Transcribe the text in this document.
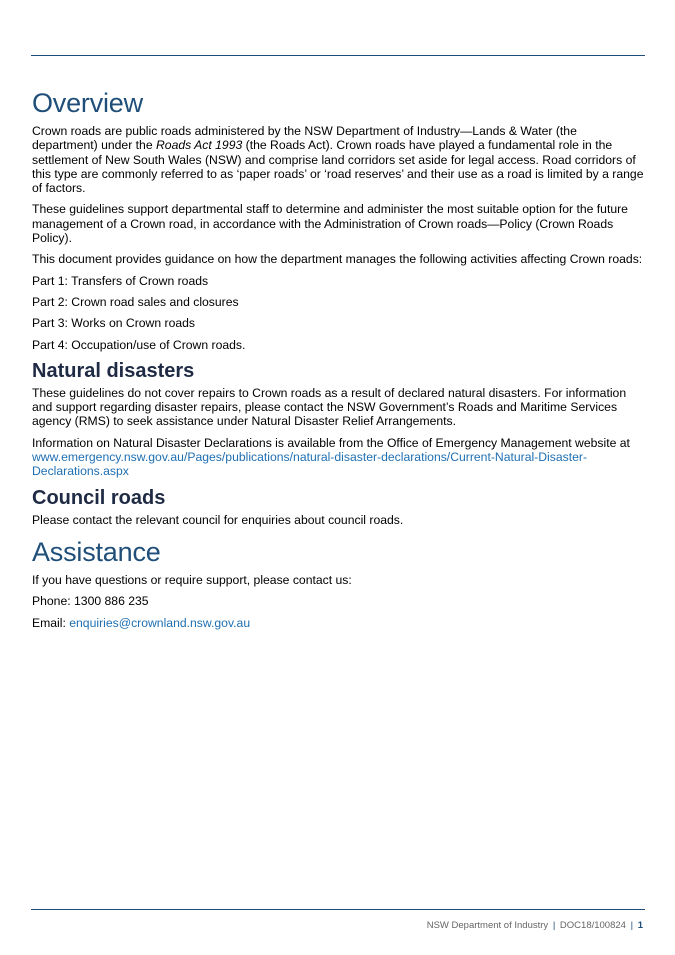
Overview

Crown roads are public roads administered by the NSW Department of Industry—Lands & Water (the department) under the Roads Act 1993 (the Roads Act). Crown roads have played a fundamental role in the settlement of New South Wales (NSW) and comprise land corridors set aside for legal access. Road corridors of this type are commonly referred to as ‘paper roads’ or ‘road reserves’ and their use as a road is limited by a range of factors.

These guidelines support departmental staff to determine and administer the most suitable option for the future management of a Crown road, in accordance with the Administration of Crown roads—Policy (Crown Roads Policy).

This document provides guidance on how the department manages the following activities affecting Crown roads:

Part 1: Transfers of Crown roads

Part 2: Crown road sales and closures

Part 3: Works on Crown roads

Part 4: Occupation/use of Crown roads.

Natural disasters

These guidelines do not cover repairs to Crown roads as a result of declared natural disasters. For information and support regarding disaster repairs, please contact the NSW Government’s Roads and Maritime Services agency (RMS) to seek assistance under Natural Disaster Relief Arrangements.

Information on Natural Disaster Declarations is available from the Office of Emergency Management website at www.emergency.nsw.gov.au/Pages/publications/natural-disaster-declarations/Current-Natural-Disaster-Declarations.aspx

Council roads

Please contact the relevant council for enquiries about council roads.

Assistance

If you have questions or require support, please contact us:

Phone: 1300 886 235

Email: enquiries@crownland.nsw.gov.au

NSW Department of Industry | DOC18/100824 | 1
